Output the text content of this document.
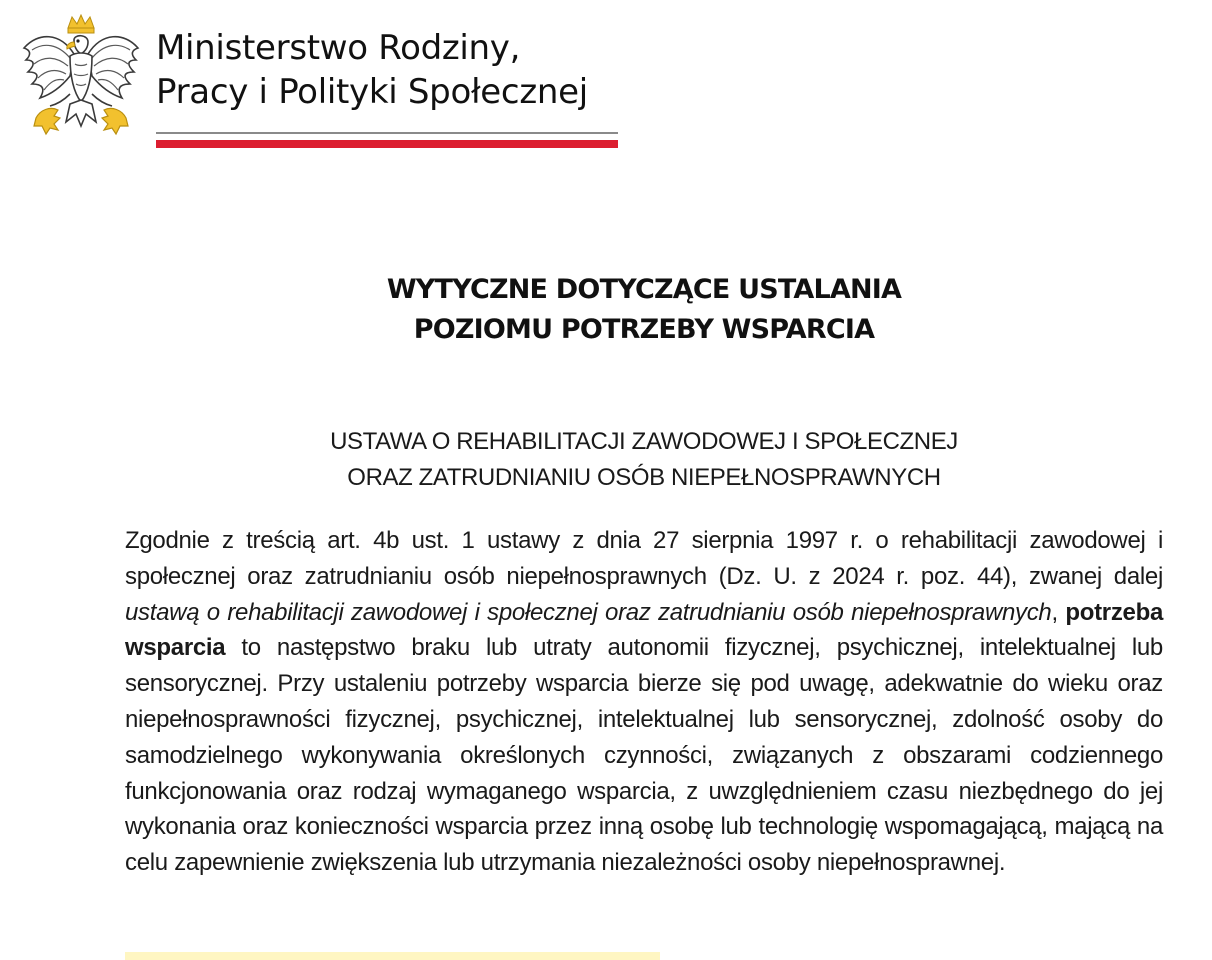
Ministerstwo Rodziny,
Pracy i Polityki Społecznej
WYTYCZNE DOTYCZĄCE USTALANIA
POZIOMU POTRZEBY WSPARCIA
USTAWA O REHABILITACJI ZAWODOWEJ I SPOŁECZNEJ
ORAZ ZATRUDNIANIU OSÓB NIEPEŁNOSPRAWNYCH

Zgodnie z treścią art. 4b ust. 1 ustawy z dnia 27 sierpnia 1997 r. o rehabilitacji zawodowej i społecznej oraz zatrudnianiu osób niepełnosprawnych (Dz. U. z 2024 r. poz. 44), zwanej dalej ustawą o rehabilitacji zawodowej i społecznej oraz zatrudnianiu osób niepełnosprawnych, potrzeba wsparcia to następstwo braku lub utraty autonomii fizycznej, psychicznej, intelektualnej lub sensorycznej. Przy ustaleniu potrzeby wsparcia bierze się pod uwagę, adekwatnie do wieku oraz niepełnosprawności fizycznej, psychicznej, intelektualnej lub sensorycznej, zdolność osoby do samodzielnego wykonywania określonych czynności, związanych z obszarami codziennego funkcjonowania oraz rodzaj wymaganego wsparcia, z uwzględnieniem czasu niezbędnego do jej wykonania oraz konieczności wsparcia przez inną osobę lub technologię wspomagającą, mającą na celu zapewnienie zwiększenia lub utrzymania niezależności osoby niepełnosprawnej.
